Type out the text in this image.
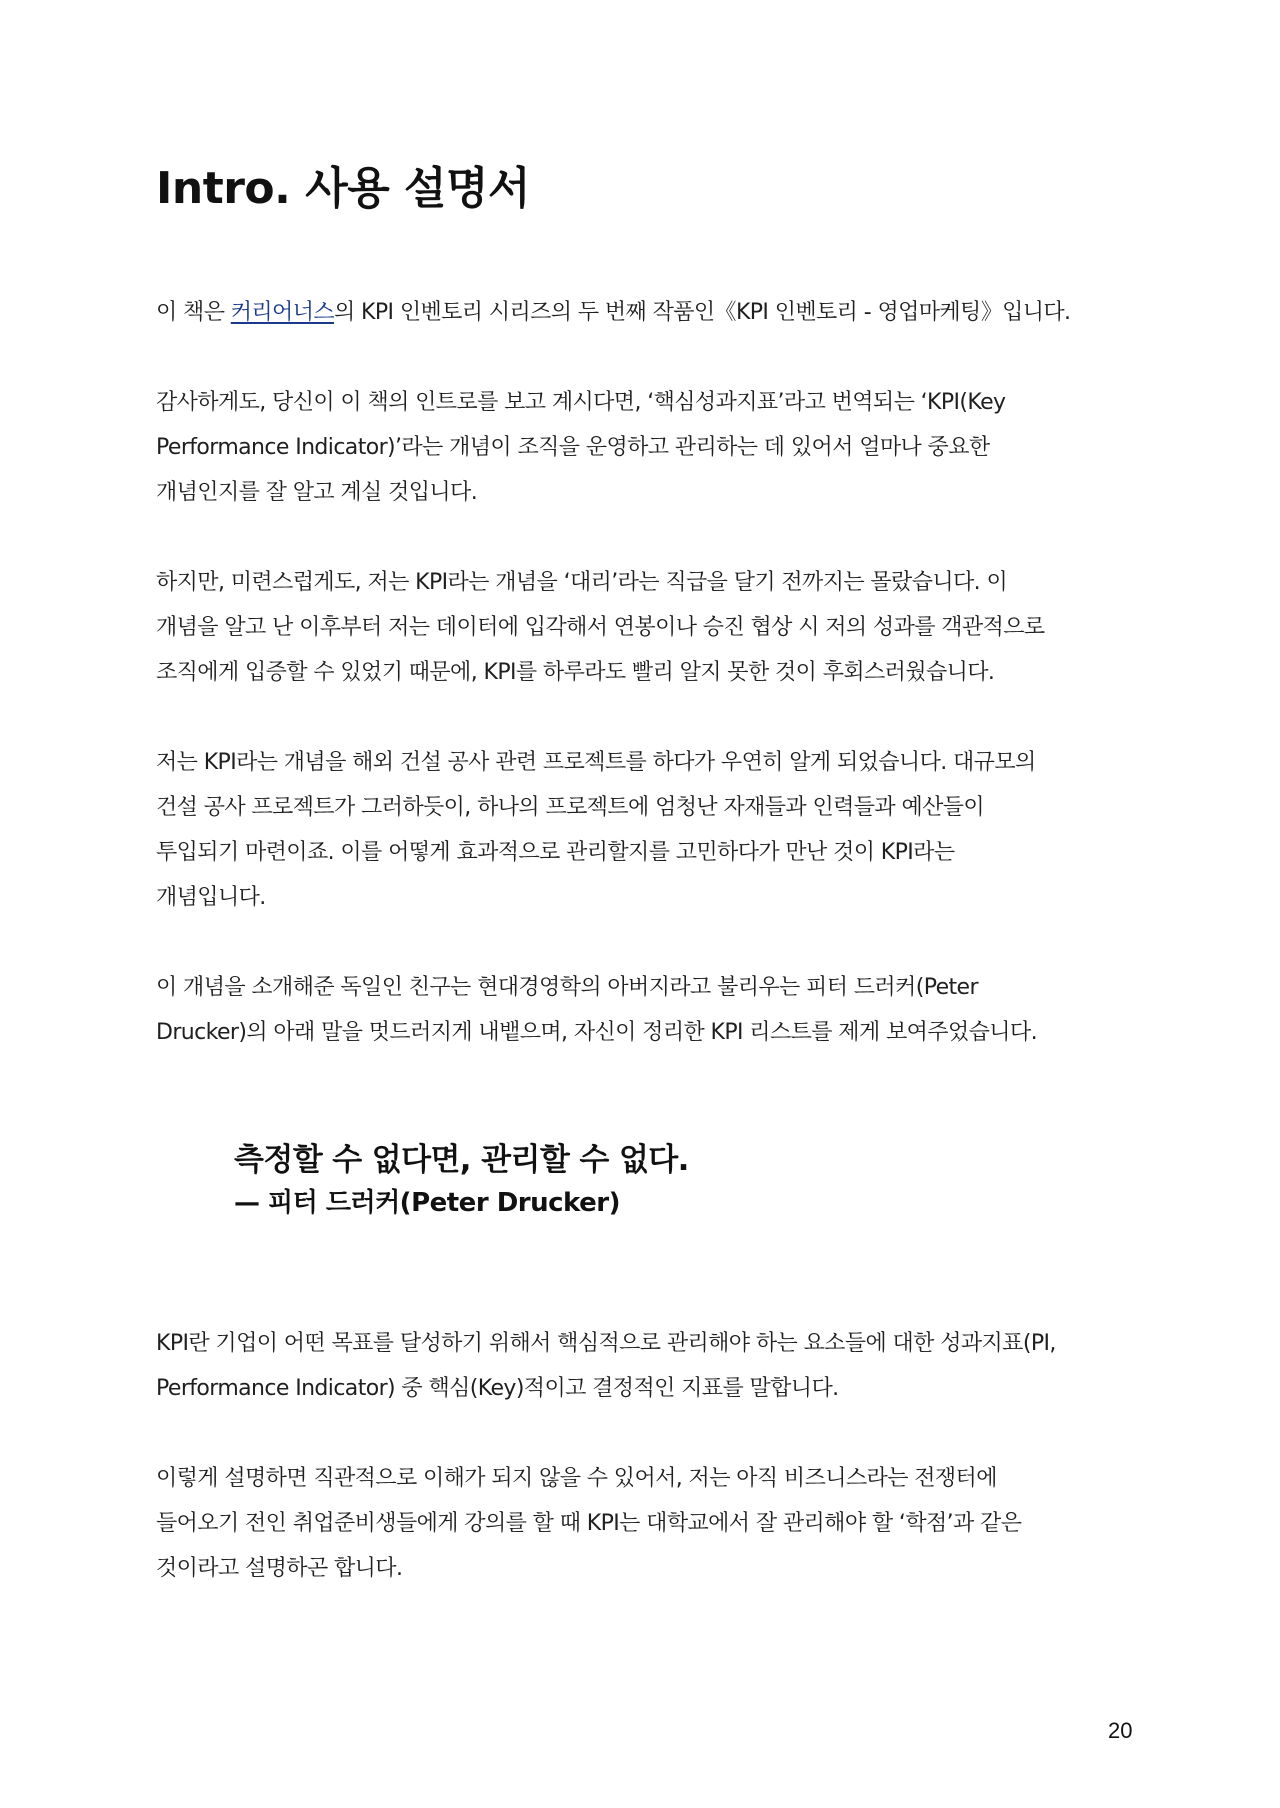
Intro. 사용 설명서

이 책은 커리어너스의 KPI 인벤토리 시리즈의 두 번째 작품인《KPI 인벤토리 - 영업마케팅》입니다.

감사하게도, 당신이 이 책의 인트로를 보고 계시다면, ‘핵심성과지표’라고 번역되는 ‘KPI(Key
Performance Indicator)’라는 개념이 조직을 운영하고 관리하는 데 있어서 얼마나 중요한
개념인지를 잘 알고 계실 것입니다.

하지만, 미련스럽게도, 저는 KPI라는 개념을 ‘대리’라는 직급을 달기 전까지는 몰랐습니다. 이
개념을 알고 난 이후부터 저는 데이터에 입각해서 연봉이나 승진 협상 시 저의 성과를 객관적으로
조직에게 입증할 수 있었기 때문에, KPI를 하루라도 빨리 알지 못한 것이 후회스러웠습니다.

저는 KPI라는 개념을 해외 건설 공사 관련 프로젝트를 하다가 우연히 알게 되었습니다. 대규모의
건설 공사 프로젝트가 그러하듯이, 하나의 프로젝트에 엄청난 자재들과 인력들과 예산들이
투입되기 마련이죠. 이를 어떻게 효과적으로 관리할지를 고민하다가 만난 것이 KPI라는
개념입니다.

이 개념을 소개해준 독일인 친구는 현대경영학의 아버지라고 불리우는 피터 드러커(Peter
Drucker)의 아래 말을 멋드러지게 내뱉으며, 자신이 정리한 KPI 리스트를 제게 보여주었습니다.

측정할 수 없다면, 관리할 수 없다.
— 피터 드러커(Peter Drucker)

KPI란 기업이 어떤 목표를 달성하기 위해서 핵심적으로 관리해야 하는 요소들에 대한 성과지표(PI,
Performance Indicator) 중 핵심(Key)적이고 결정적인 지표를 말합니다.

이렇게 설명하면 직관적으로 이해가 되지 않을 수 있어서, 저는 아직 비즈니스라는 전쟁터에
들어오기 전인 취업준비생들에게 강의를 할 때 KPI는 대학교에서 잘 관리해야 할 ‘학점’과 같은
것이라고 설명하곤 합니다.

20
